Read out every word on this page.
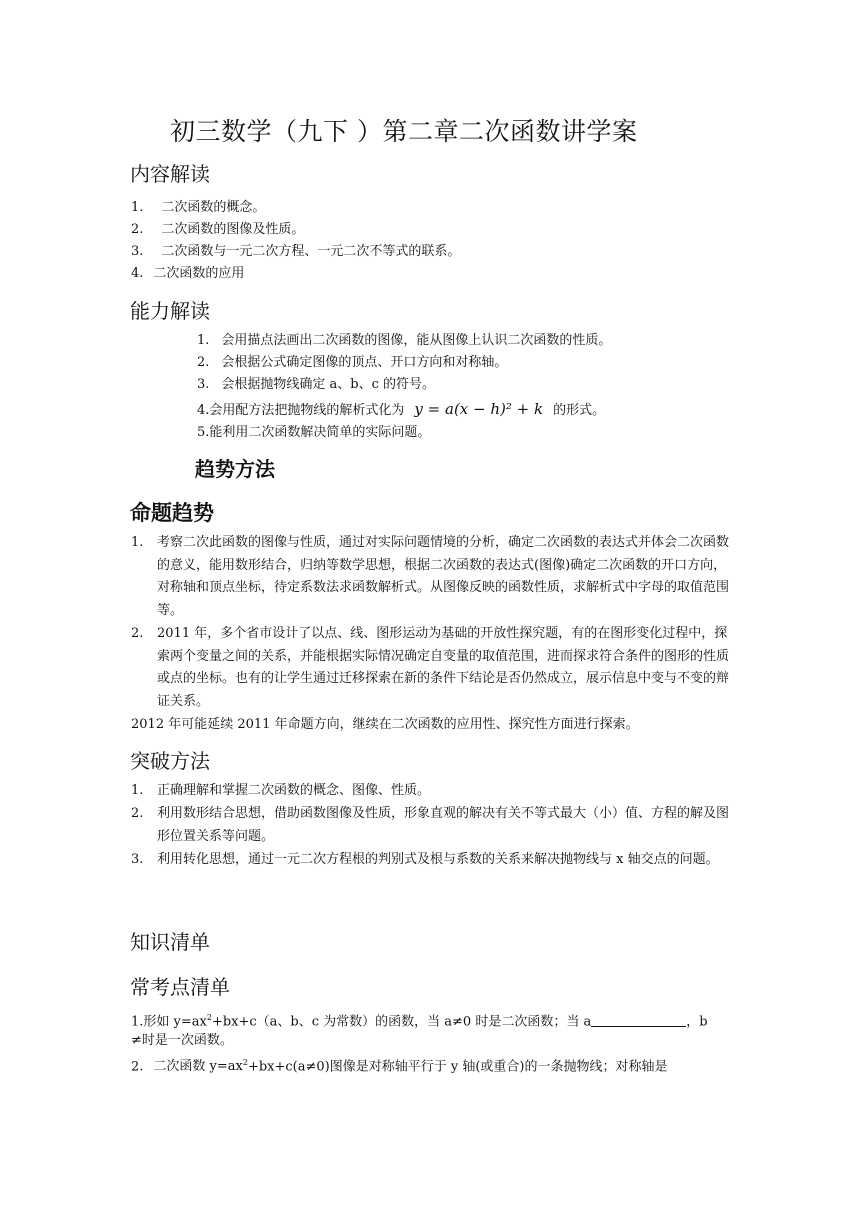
初三数学（九下 ）第二章二次函数讲学案
内容解读
1. 二次函数的概念。
2. 二次函数的图像及性质。
3. 二次函数与一元二次方程、一元二次不等式的联系。
4. 二次函数的应用
能力解读
1. 会用描点法画出二次函数的图像，能从图像上认识二次函数的性质。
2. 会根据公式确定图像的顶点、开口方向和对称轴。
3. 会根据抛物线确定 a、b、c 的符号。
4.会用配方法把抛物线的解析式化为 y = a(x − h)² + k 的形式。
5.能利用二次函数解决简单的实际问题。
趋势方法
命题趋势
1. 考察二次此函数的图像与性质，通过对实际问题情境的分析，确定二次函数的表达式并体会二次函数的意义，能用数形结合，归纳等数学思想，根据二次函数的表达式(图像)确定二次函数的开口方向，对称轴和顶点坐标，待定系数法求函数解析式。从图像反映的函数性质，求解析式中字母的取值范围等。
2. 2011 年，多个省市设计了以点、线、图形运动为基础的开放性探究题，有的在图形变化过程中，探索两个变量之间的关系，并能根据实际情况确定自变量的取值范围，进而探求符合条件的图形的性质或点的坐标。也有的让学生通过迁移探索在新的条件下结论是否仍然成立，展示信息中变与不变的辩证关系。
2012 年可能延续 2011 年命题方向，继续在二次函数的应用性、探究性方面进行探索。
突破方法
1. 正确理解和掌握二次函数的概念、图像、性质。
2. 利用数形结合思想，借助函数图像及性质，形象直观的解决有关不等式最大（小）值、方程的解及图形位置关系等问题。
3. 利用转化思想，通过一元二次方程根的判别式及根与系数的关系来解决抛物线与 x 轴交点的问题。
知识清单
常考点清单
1.形如 $y=ax^2+bx+c(a$、b、c 为常数）的函数，当 a≠0 时是二次函数；当 a	，b
≠时是一次函数。
2. 二次函数 $y=ax^2+bx+c(a\ne 0)$图像是对称轴平行于 y 轴(或重合)的一条抛物线；对称轴是
